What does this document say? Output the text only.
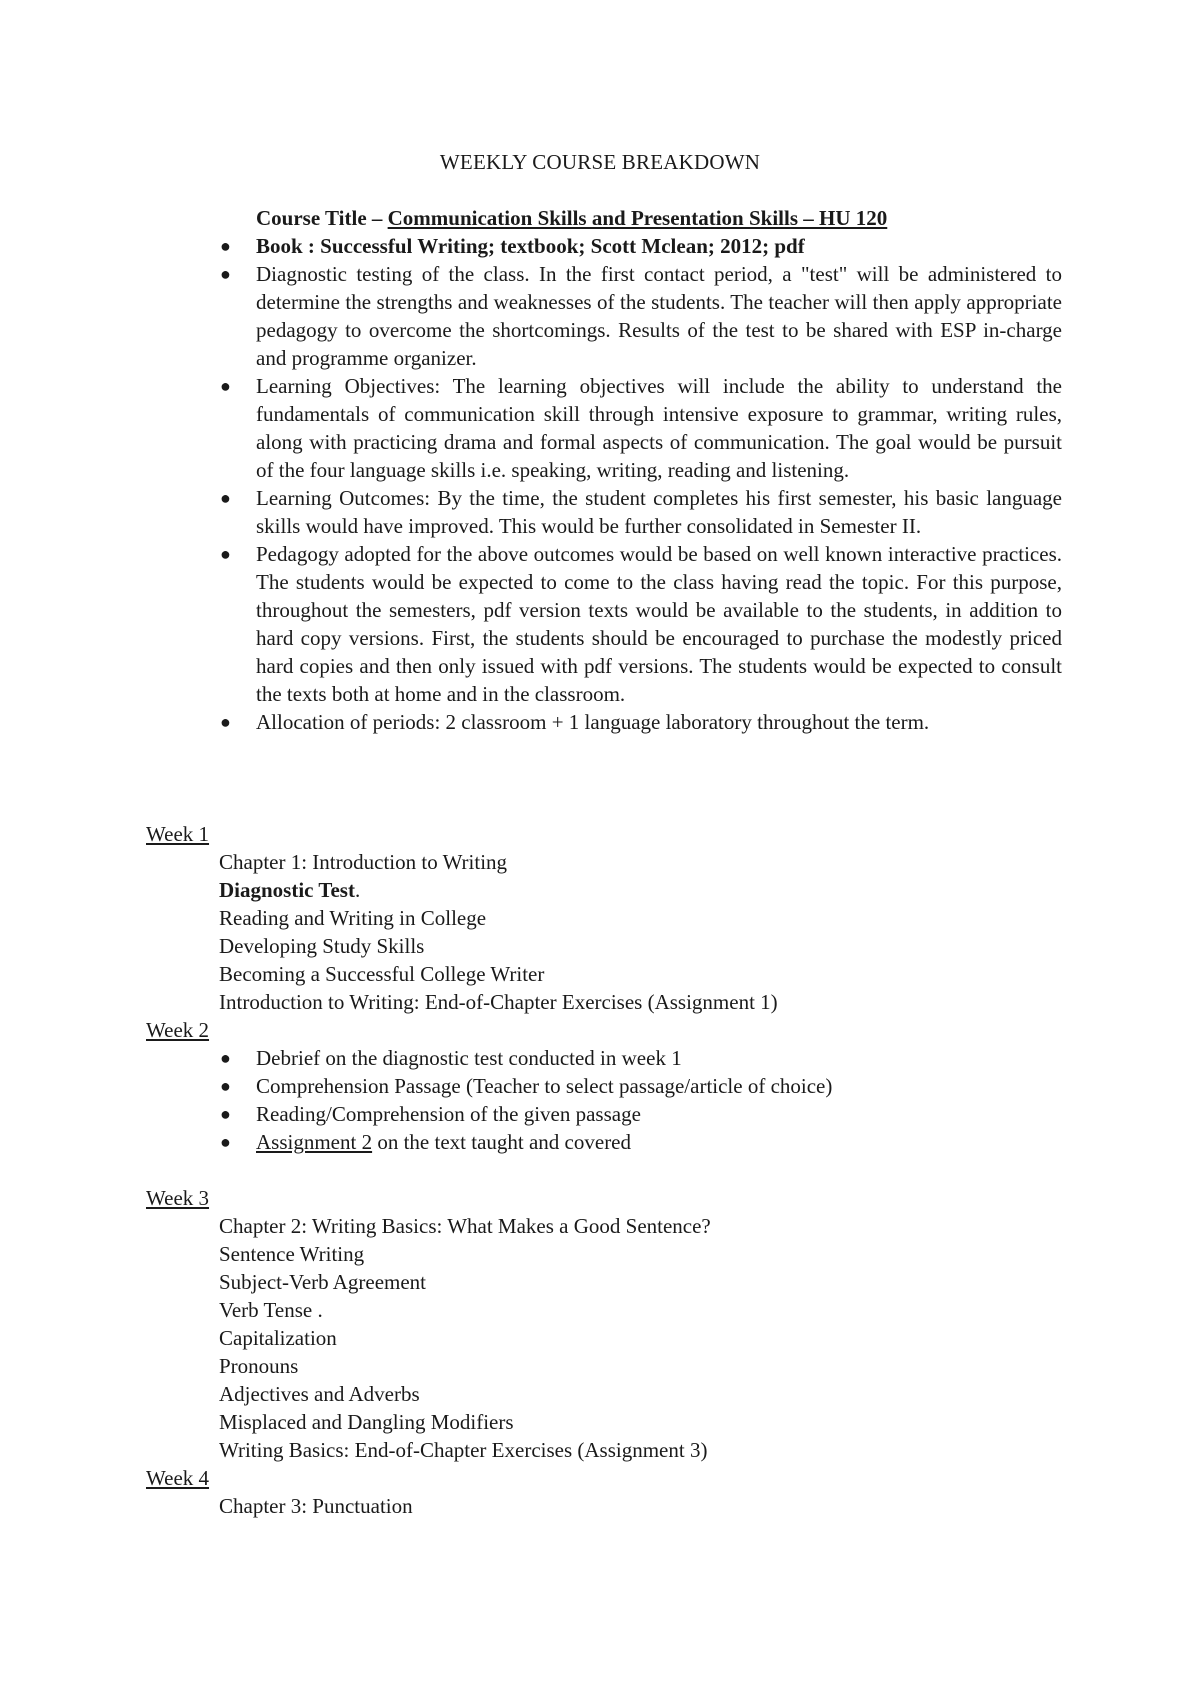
WEEKLY COURSE BREAKDOWN
Course Title – Communication Skills and Presentation Skills – HU 120
● Book : Successful Writing; textbook; Scott Mclean; 2012; pdf
● Diagnostic testing of the class. In the first contact period, a "test" will be administered to determine the strengths and weaknesses of the students. The teacher will then apply appropriate pedagogy to overcome the shortcomings. Results of the test to be shared with ESP in-charge and programme organizer.
● Learning Objectives: The learning objectives will include the ability to understand the fundamentals of communication skill through intensive exposure to grammar, writing rules, along with practicing drama and formal aspects of communication. The goal would be pursuit of the four language skills i.e. speaking, writing, reading and listening.
● Learning Outcomes: By the time, the student completes his first semester, his basic language skills would have improved. This would be further consolidated in Semester II.
● Pedagogy adopted for the above outcomes would be based on well known interactive practices. The students would be expected to come to the class having read the topic. For this purpose, throughout the semesters, pdf version texts would be available to the students, in addition to hard copy versions. First, the students should be encouraged to purchase the modestly priced hard copies and then only issued with pdf versions. The students would be expected to consult the texts both at home and in the classroom.
● Allocation of periods: 2 classroom + 1 language laboratory throughout the term.
Week 1
Chapter 1: Introduction to Writing
Diagnostic Test.
Reading and Writing in College
Developing Study Skills
Becoming a Successful College Writer
Introduction to Writing: End-of-Chapter Exercises (Assignment 1)
Week 2
● Debrief on the diagnostic test conducted in week 1
● Comprehension Passage (Teacher to select passage/article of choice)
● Reading/Comprehension of the given passage
● Assignment 2 on the text taught and covered
Week 3
Chapter 2: Writing Basics: What Makes a Good Sentence?
Sentence Writing
Subject-Verb Agreement
Verb Tense .
Capitalization
Pronouns
Adjectives and Adverbs
Misplaced and Dangling Modifiers
Writing Basics: End-of-Chapter Exercises (Assignment 3)
Week 4
Chapter 3: Punctuation
